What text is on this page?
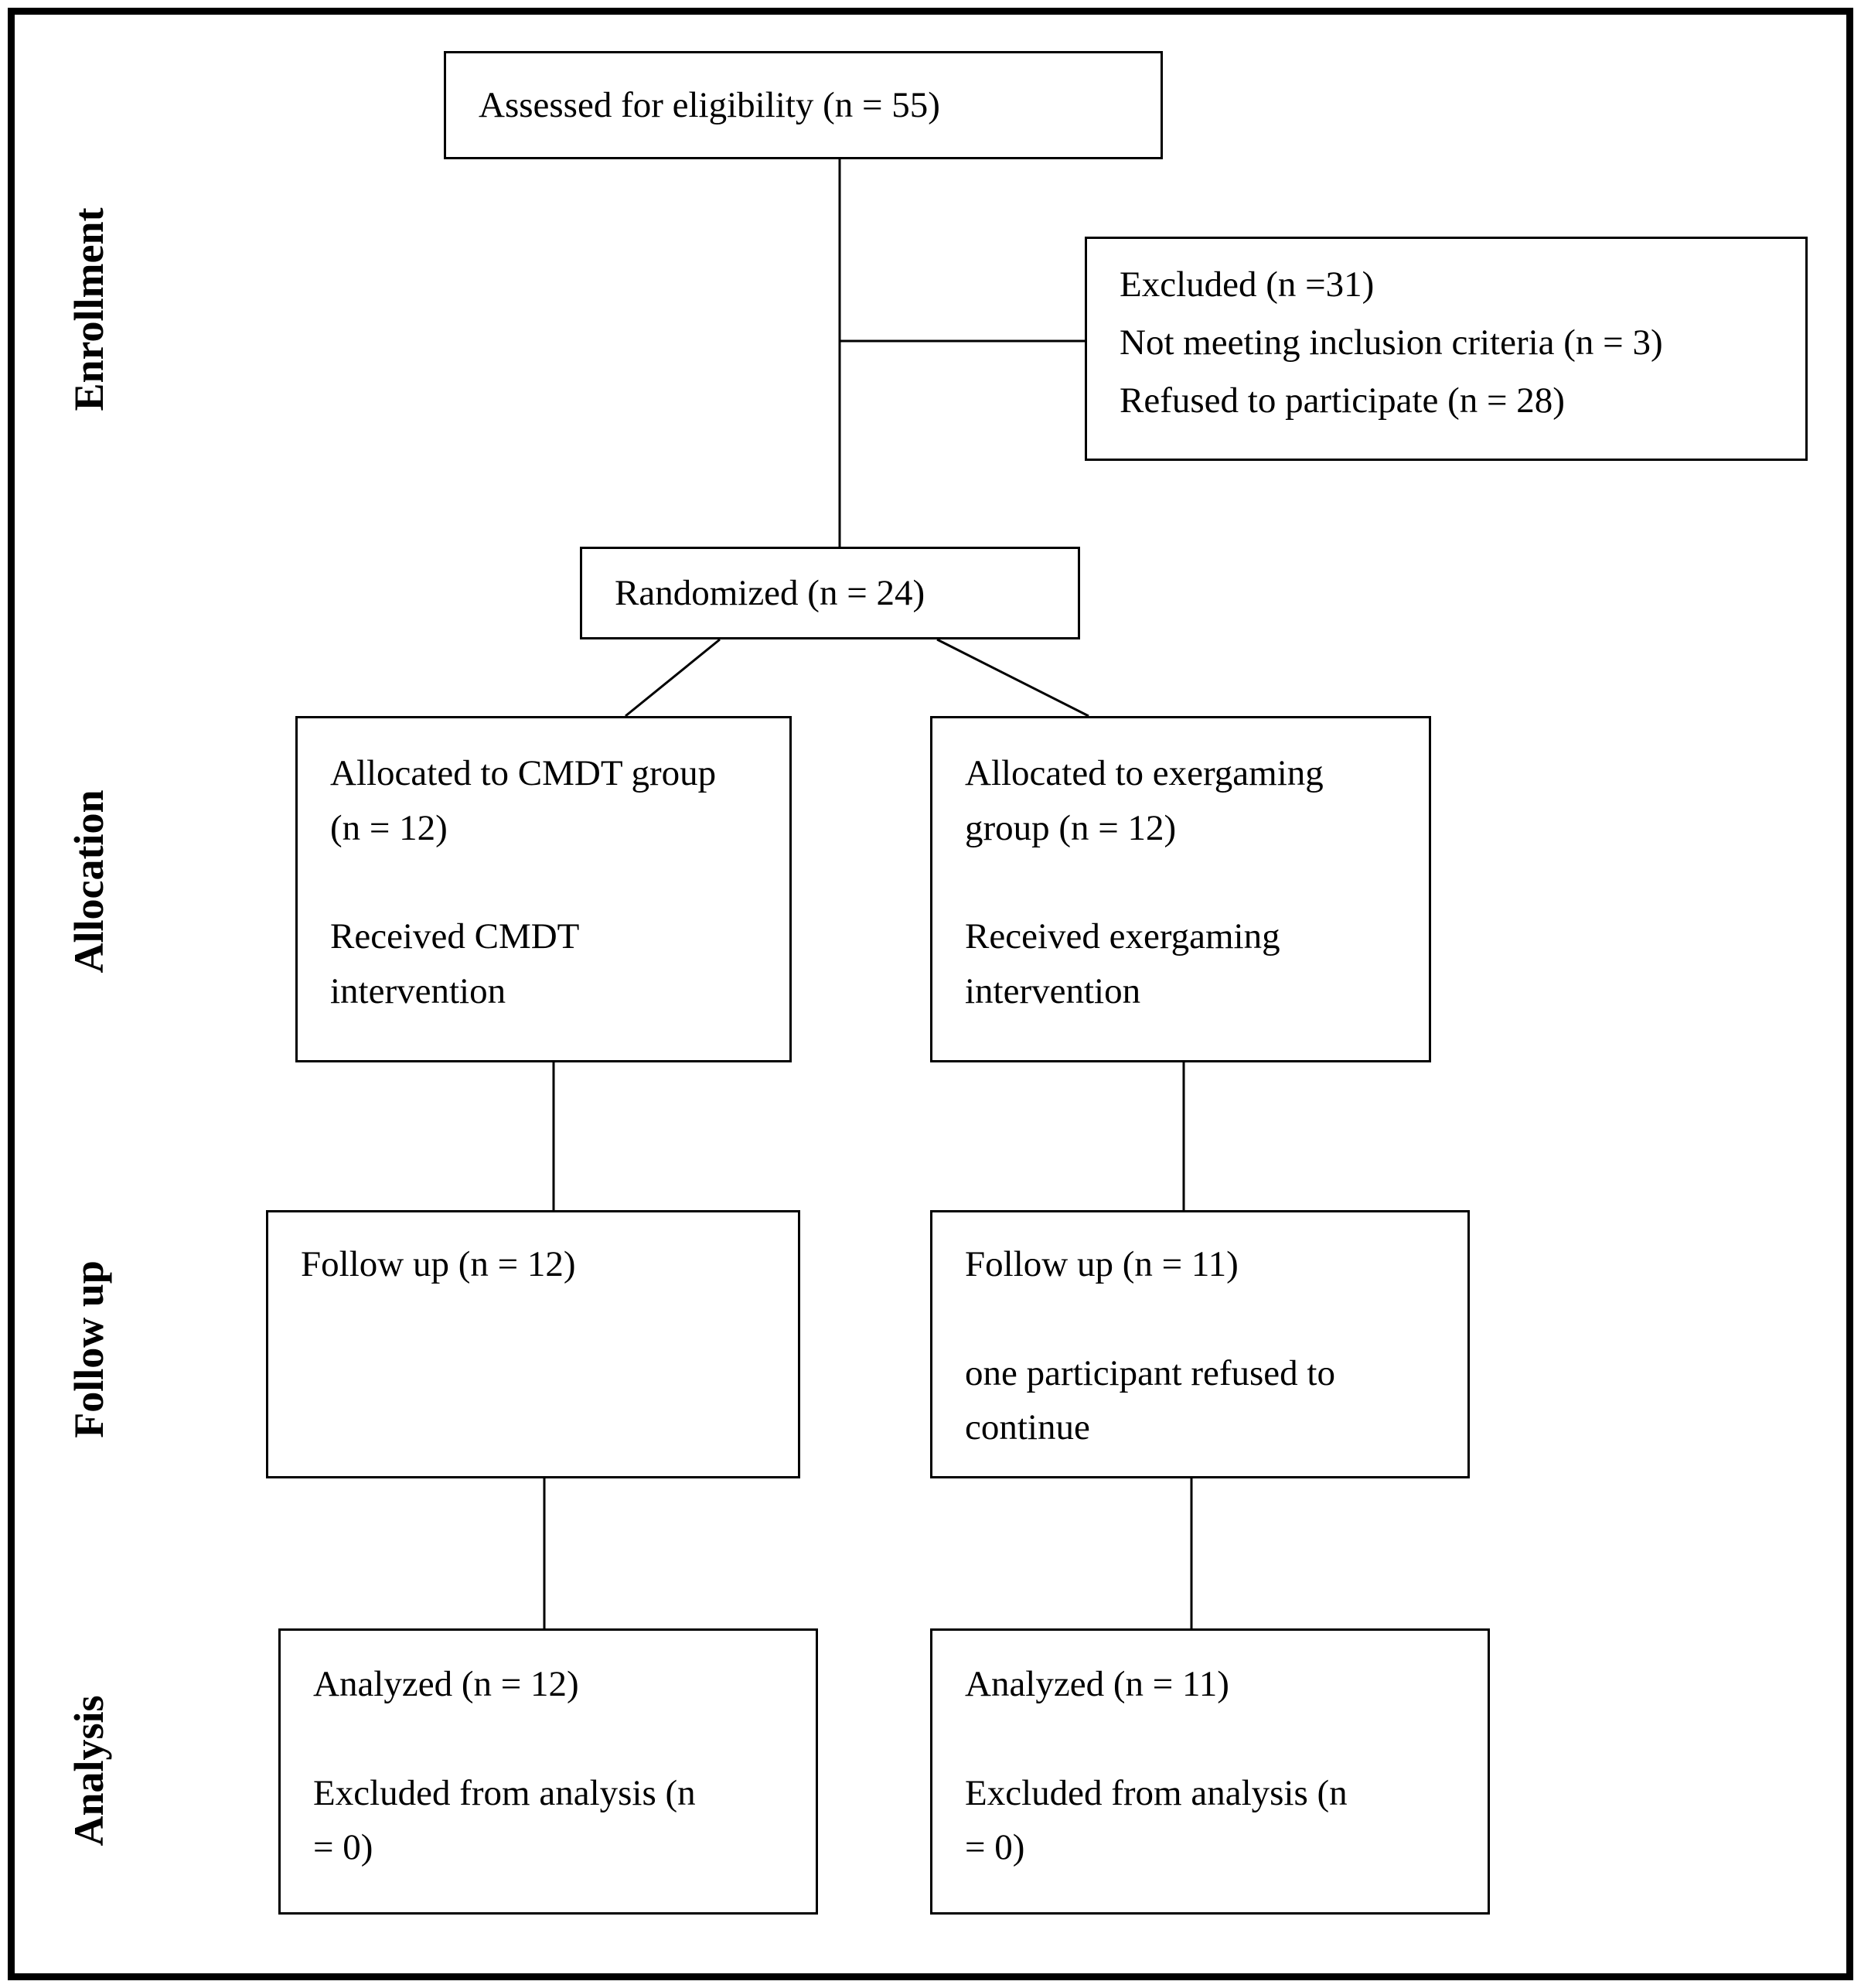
Enrollment
Allocation
Follow up
Analysis
Assessed for eligibility (n = 55)
Excluded (n =31)
Not meeting inclusion criteria (n = 3)
Refused to participate (n = 28)
Randomized (n = 24)
Allocated to CMDT group (n = 12)
Received CMDT intervention
Allocated to exergaming group (n = 12)
Received exergaming intervention
Follow up (n = 12)	Follow up (n = 11)
one participant refused to continue
Analyzed (n = 12)
Excluded from analysis (n = 0)
Analyzed (n = 11)
Excluded from analysis (n = 0)
